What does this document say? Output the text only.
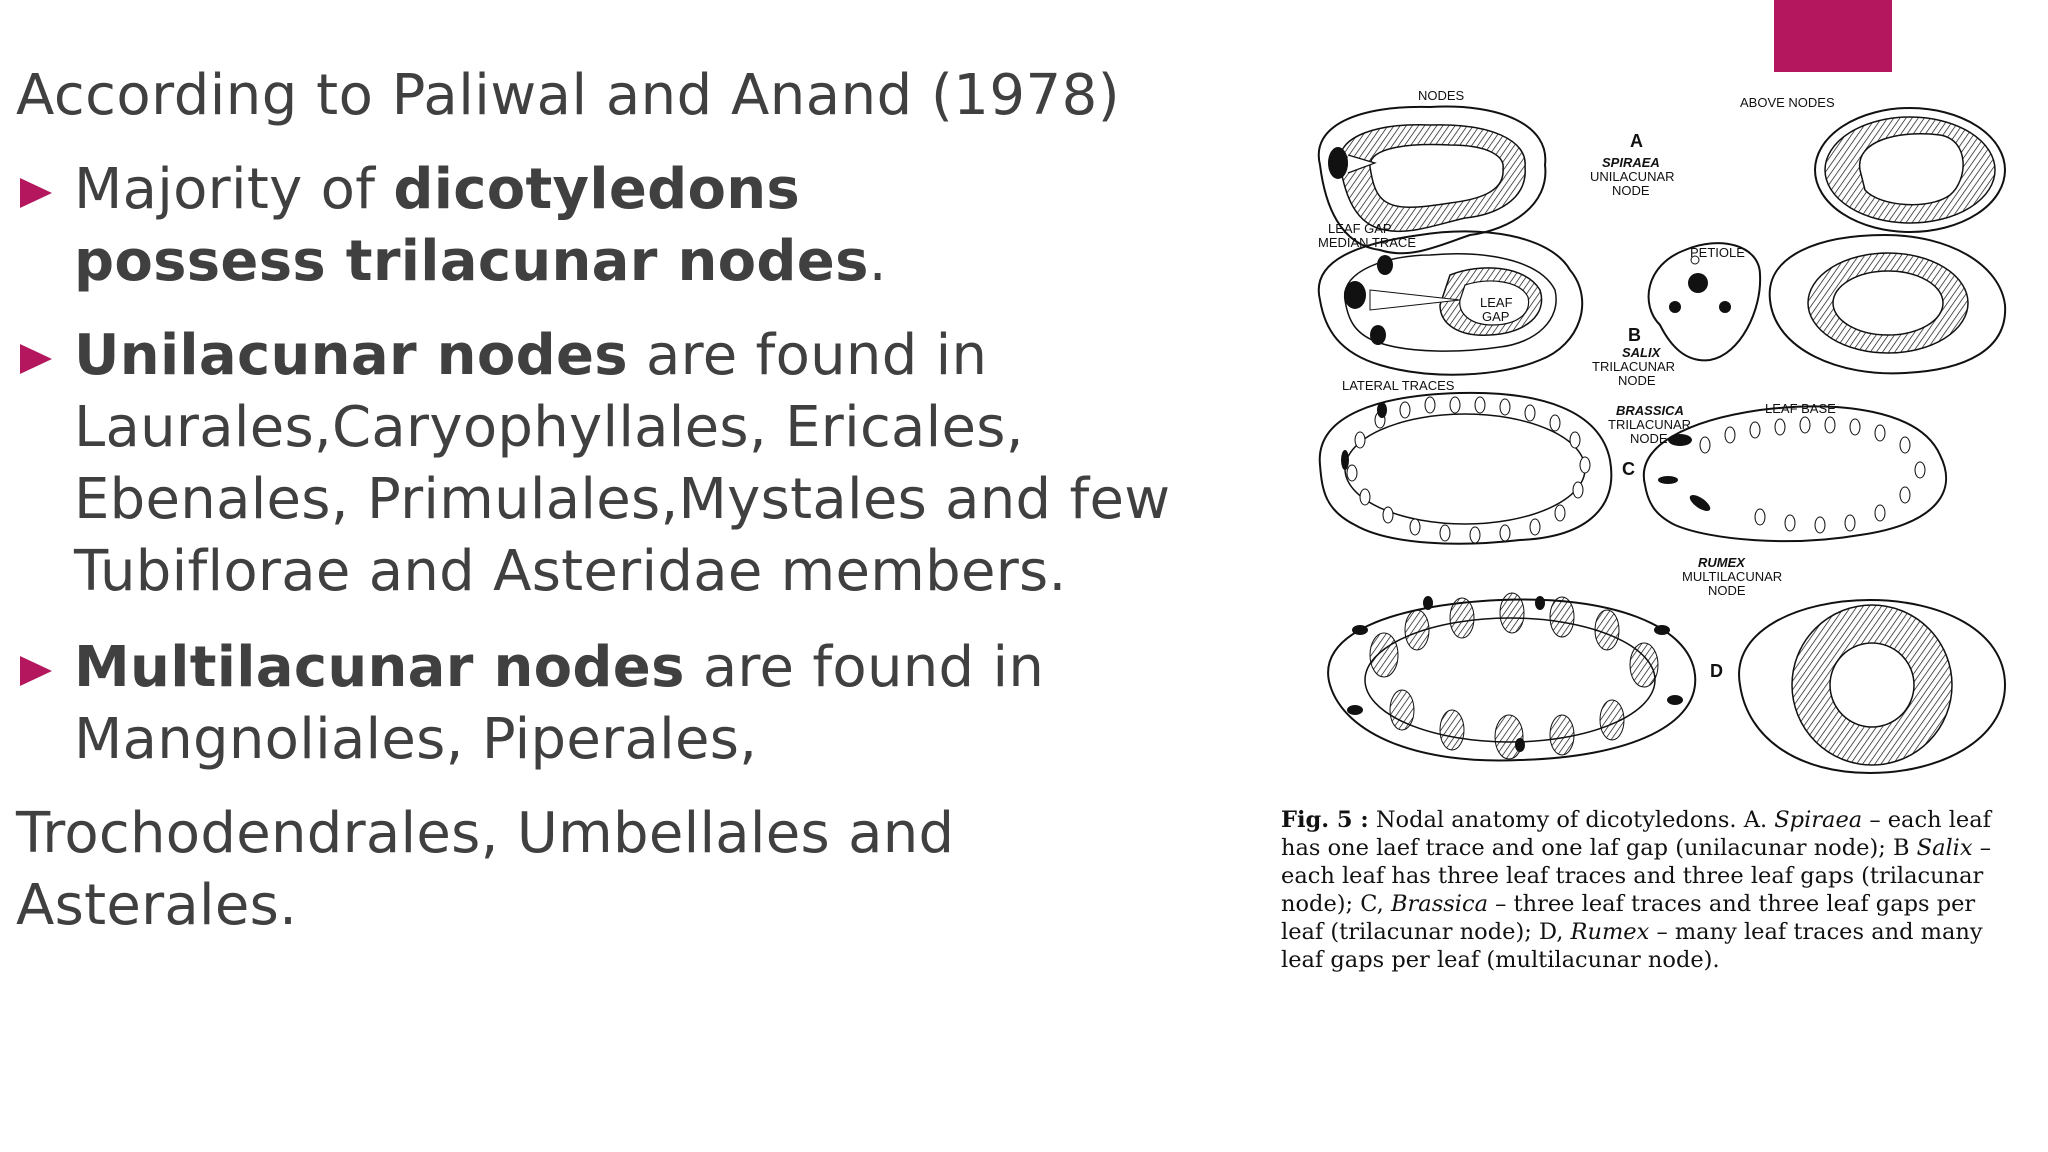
According to Paliwal and Anand (1978)
Majority of dicotyledons possess trilacunar nodes.
Unilacunar nodes are found in Laurales,Caryophyllales, Ericales, Ebenales, Primulales,Mystales and few Tubiflorae and Asteridae members.
Multilacunar nodes are found in Mangnoliales, Piperales,
Trochodendrales, Umbellales and Asterales.
NODES	ABOVE NODES
A
SPIRAEA
UNILACUNAR
NODE
LEAF GAP
MEDIAN TRACE
PETIOLE
LEAF
GAP
B
SALIX
TRILACUNAR
NODE
LATERAL TRACES
BRASSICA
TRILACUNAR
NODE
LEAF BASE
C
RUMEX
MULTILACUNAR
NODE
D
Fig. 5 : Nodal anatomy of dicotyledons. A. Spiraea – each leaf has one laef trace and one laf gap (unilacunar node); B Salix – each leaf has three leaf traces and three leaf gaps (trilacunar node); C, Brassica – three leaf traces and three leaf gaps per leaf (trilacunar node); D, Rumex – many leaf traces and many leaf gaps per leaf (multilacunar node).
